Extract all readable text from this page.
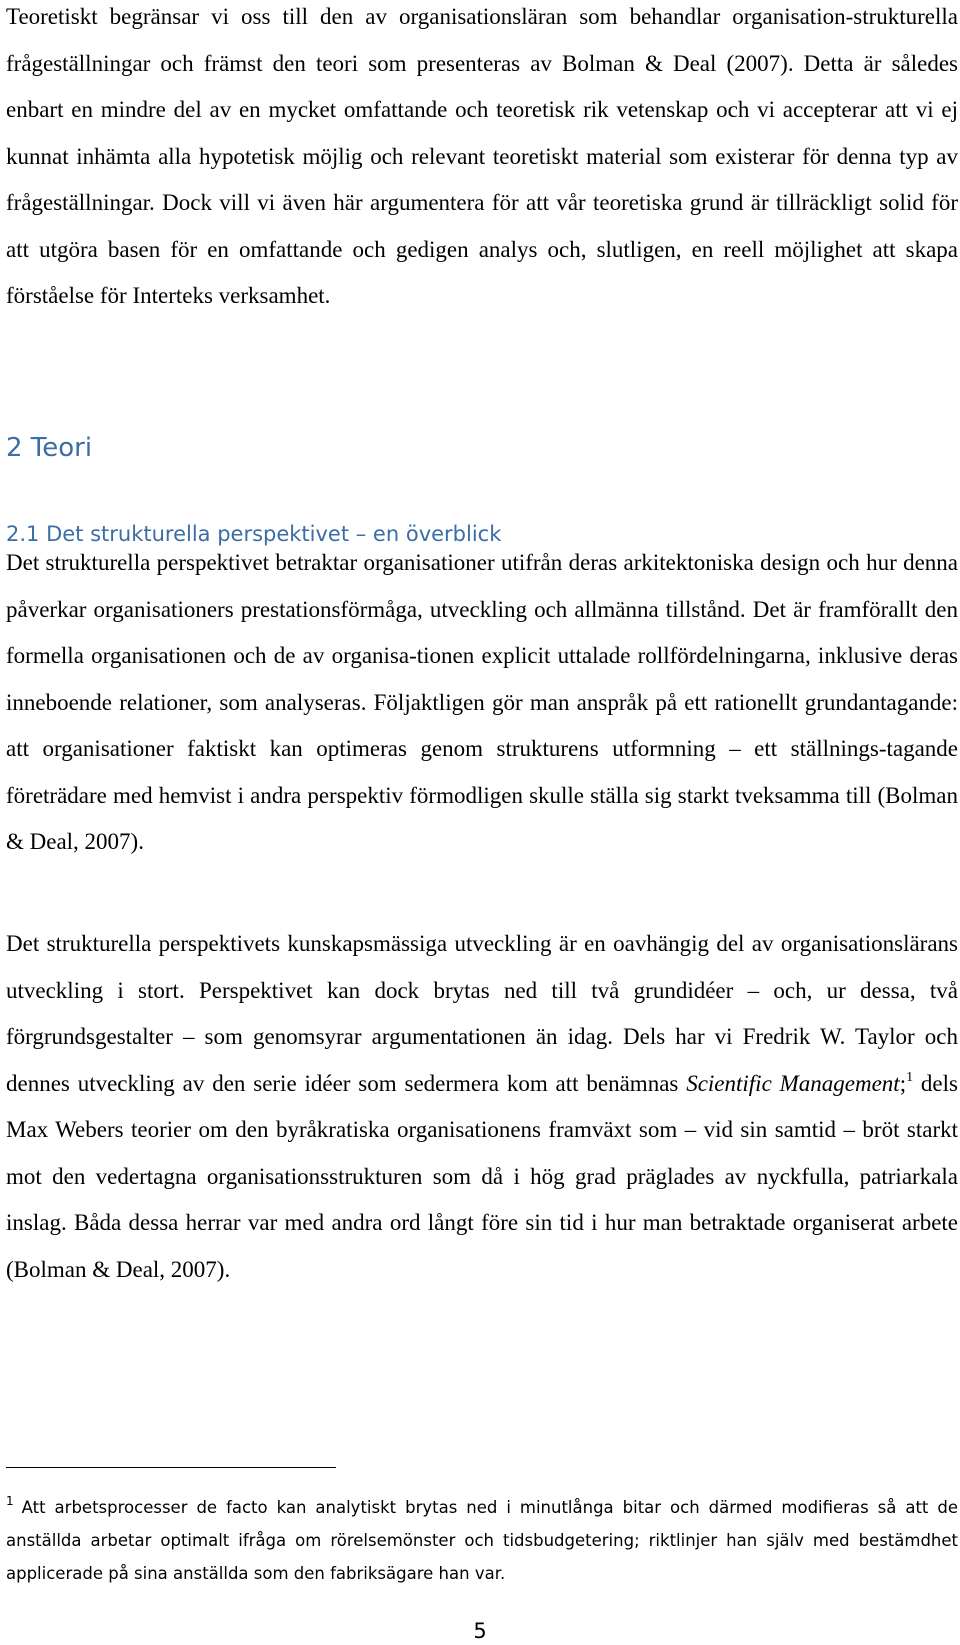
Teoretiskt begränsar vi oss till den av organisationsläran som behandlar organisation-strukturella frågeställningar och främst den teori som presenteras av Bolman & Deal (2007). Detta är således enbart en mindre del av en mycket omfattande och teoretisk rik vetenskap och vi accepterar att vi ej kunnat inhämta alla hypotetisk möjlig och relevant teoretiskt material som existerar för denna typ av frågeställningar. Dock vill vi även här argumentera för att vår teoretiska grund är tillräckligt solid för att utgöra basen för en omfattande och gedigen analys och, slutligen, en reell möjlighet att skapa förståelse för Interteks verksamhet.

2 Teori
2.1 Det strukturella perspektivet – en överblick

Det strukturella perspektivet betraktar organisationer utifrån deras arkitektoniska design och hur denna påverkar organisationers prestationsförmåga, utveckling och allmänna tillstånd. Det är framförallt den formella organisationen och de av organisa-tionen explicit uttalade rollfördelningarna, inklusive deras inneboende relationer, som analyseras. Följaktligen gör man anspråk på ett rationellt grundantagande: att organisationer faktiskt kan optimeras genom strukturens utformning – ett ställnings-tagande företrädare med hemvist i andra perspektiv förmodligen skulle ställa sig starkt tveksamma till (Bolman & Deal, 2007).

Det strukturella perspektivets kunskapsmässiga utveckling är en oavhängig del av organisationslärans utveckling i stort. Perspektivet kan dock brytas ned till två grundidéer – och, ur dessa, två förgrundsgestalter – som genomsyrar argumentationen än idag. Dels har vi Fredrik W. Taylor och dennes utveckling av den serie idéer som sedermera kom att benämnas Scientific Management;$^1$ dels Max Webers teorier om den byråkratiska organisationens framväxt som – vid sin samtid – bröt starkt mot den vedertagna organisationsstrukturen som då i hög grad präglades av nyckfulla, patriarkala inslag. Båda dessa herrar var med andra ord långt före sin tid i hur man betraktade organiserat arbete (Bolman & Deal, 2007).

$^1$ Att arbetsprocesser de facto kan analytiskt brytas ned i minutlånga bitar och därmed modifieras så att de anställda arbetar optimalt ifråga om rörelsemönster och tidsbudgetering; riktlinjer han själv med bestämdhet applicerade på sina anställda som den fabriksägare han var.

5
